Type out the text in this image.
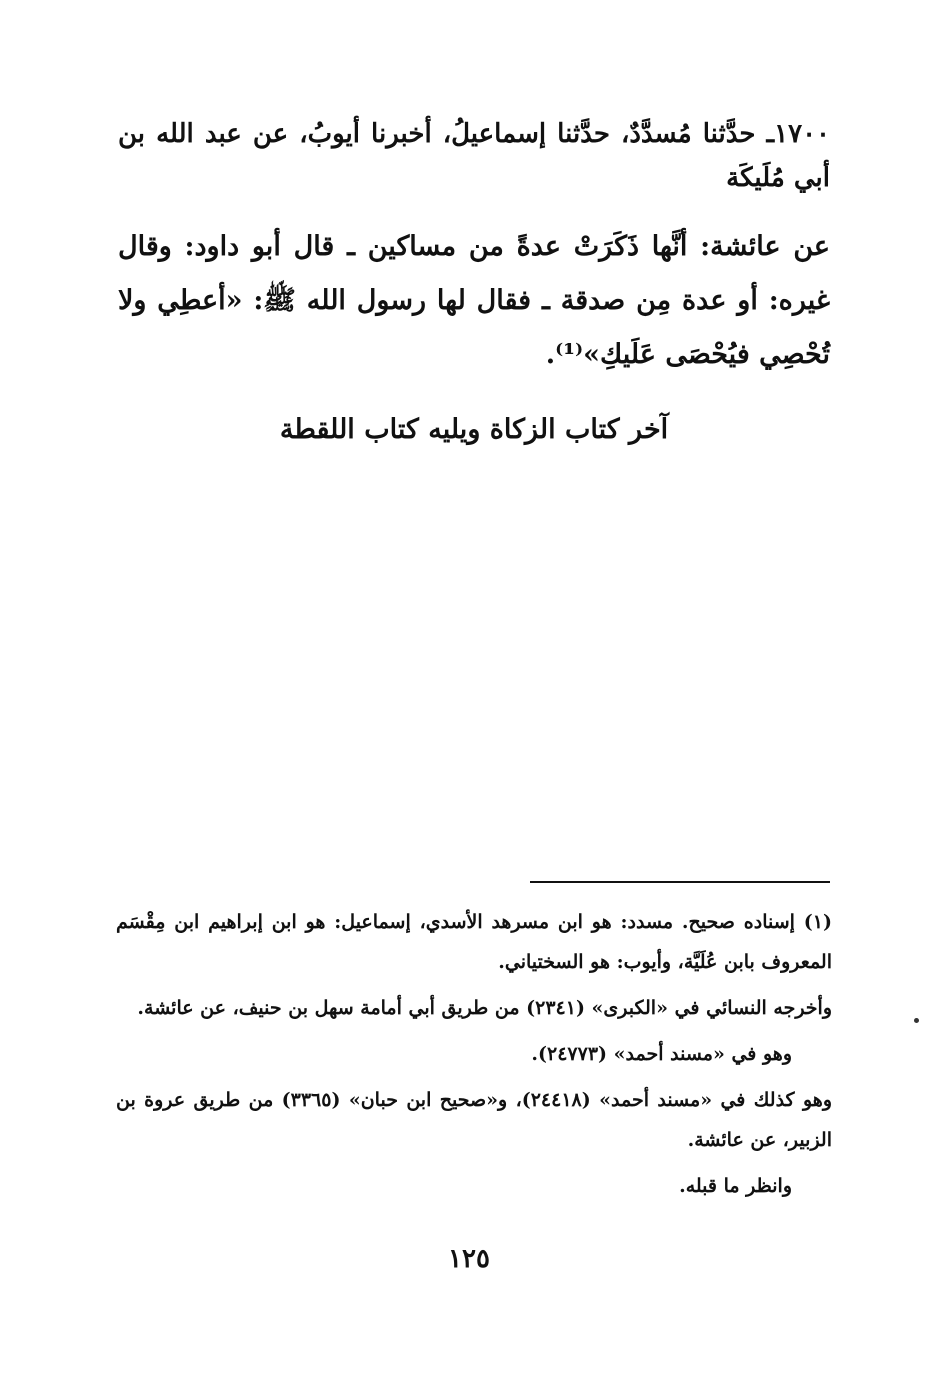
١٧٠٠ـ حدَّثنا مُسدَّدٌ، حدَّثنا إسماعيلُ، أخبرنا أيوبُ، عن عبد الله بن أبي مُلَيكَة
عن عائشة: أنَّها ذَكَرَتْ عدةً من مساكين ـ قال أبو داود: وقال غيره: أو عدة مِن صدقة ـ فقال لها رسول الله ﷺ: «أعطِي ولا تُحْصِي فيُحْصَى عَلَيكِ»⁽¹⁾.
آخر كتاب الزكاة ويليه كتاب اللقطة

(١) إسناده صحيح. مسدد: هو ابن مسرهد الأسدي، إسماعيل: هو ابن إبراهيم ابن مِقْسَم المعروف بابن عُلَيَّة، وأيوب: هو السختياني.

وأخرجه النسائي في «الكبرى» (٢٣٤١) من طريق أبي أمامة سهل بن حنيف، عن عائشة.

وهو في «مسند أحمد» (٢٤٧٧٣).

وهو كذلك في «مسند أحمد» (٢٤٤١٨)، و«صحيح ابن حبان» (٣٣٦٥) من طريق عروة بن الزبير، عن عائشة.

وانظر ما قبله.

١٢٥
